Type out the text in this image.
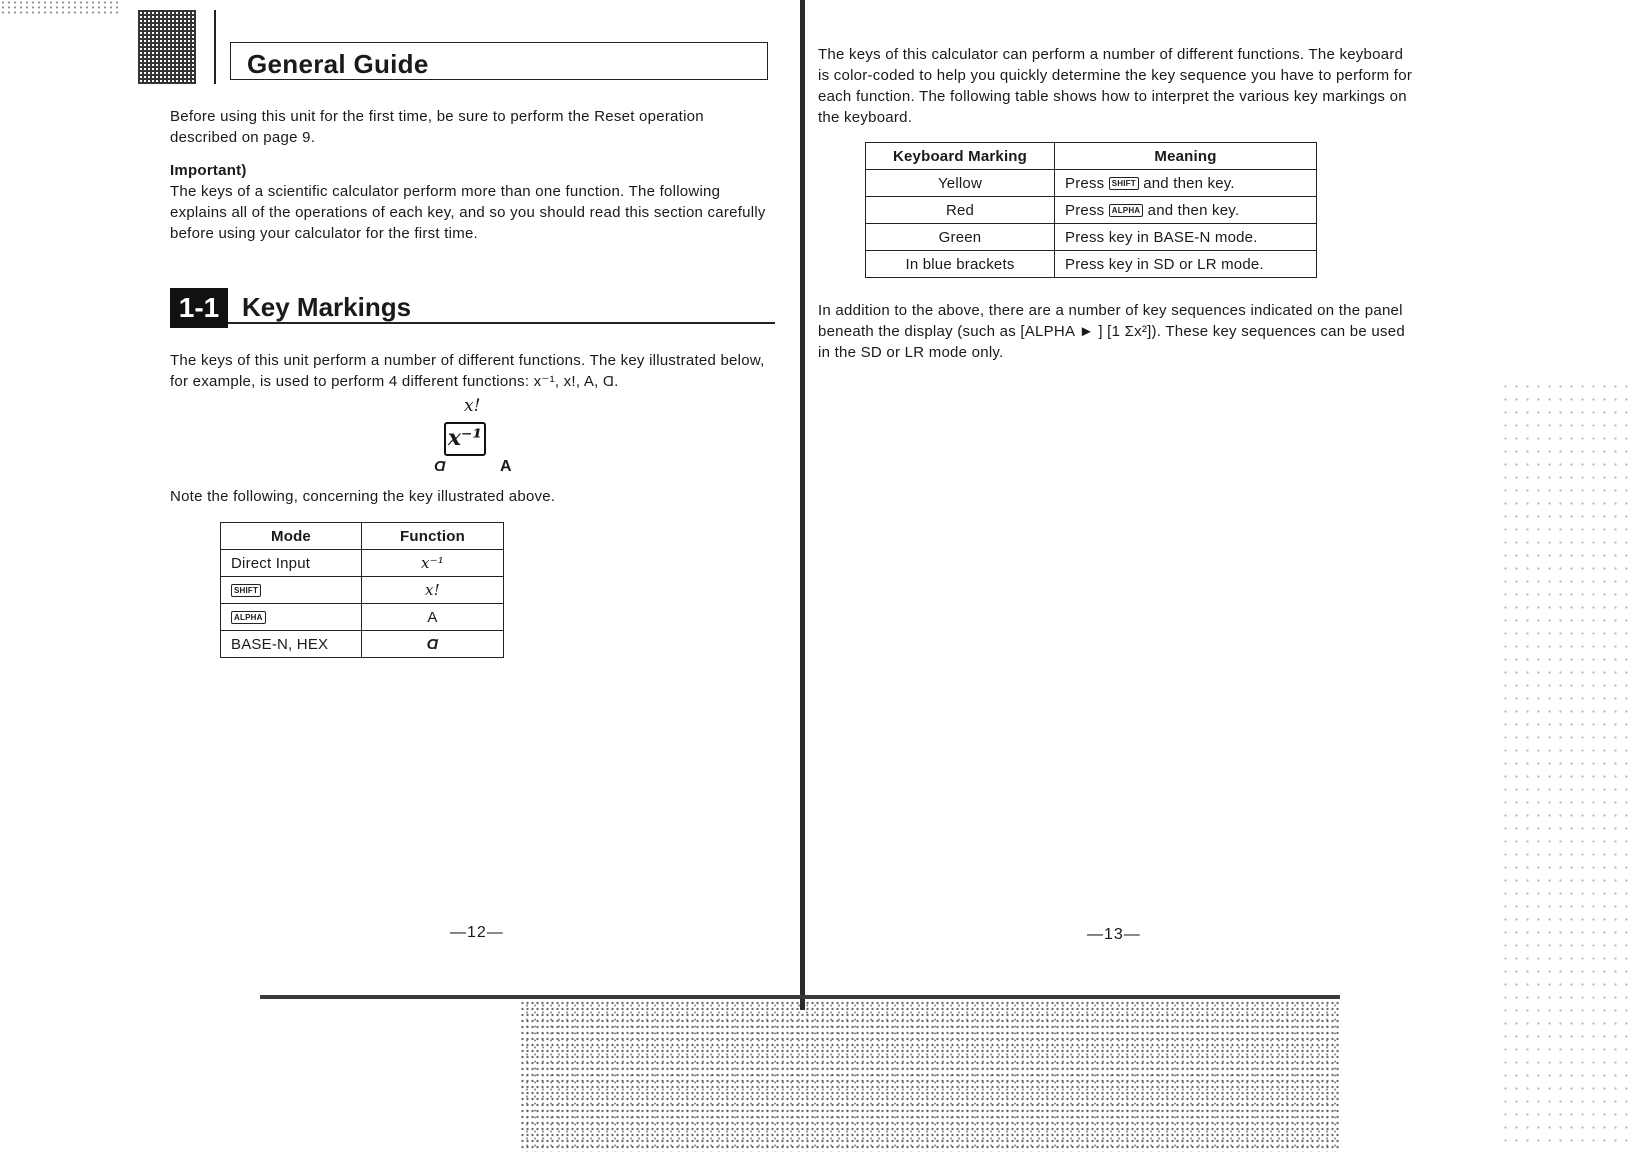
General Guide

Before using this unit for the first time, be sure to perform the Reset operation described on page 9.

Important)

The keys of a scientific calculator perform more than one function. The following explains all of the operations of each key, and so you should read this section carefully before using your calculator for the first time.

1-1 Key Markings

The keys of this unit perform a number of different functions. The key illustrated below, for example, is used to perform 4 different functions: x⁻¹, x!, A, Ɑ.

x!
x⁻¹
Ɑ	A

Note the following, concerning the key illustrated above.

Mode	Function
Direct Input	x⁻¹
SHIFT	x!
ALPHA	A
BASE-N, HEX	Ɑ
—12—

The keys of this calculator can perform a number of different functions. The keyboard is color-coded to help you quickly determine the key sequence you have to perform for each function. The following table shows how to interpret the various key markings on the keyboard.

Keyboard Marking	Meaning
Yellow	Press SHIFT and then key.
Red	Press ALPHA and then key.
Green	Press key in BASE-N mode.
In blue brackets	Press key in SD or LR mode.

In addition to the above, there are a number of key sequences indicated on the panel beneath the display (such as [ALPHA ► ] [1 Σx²]). These key sequences can be used in the SD or LR mode only.

—13—
